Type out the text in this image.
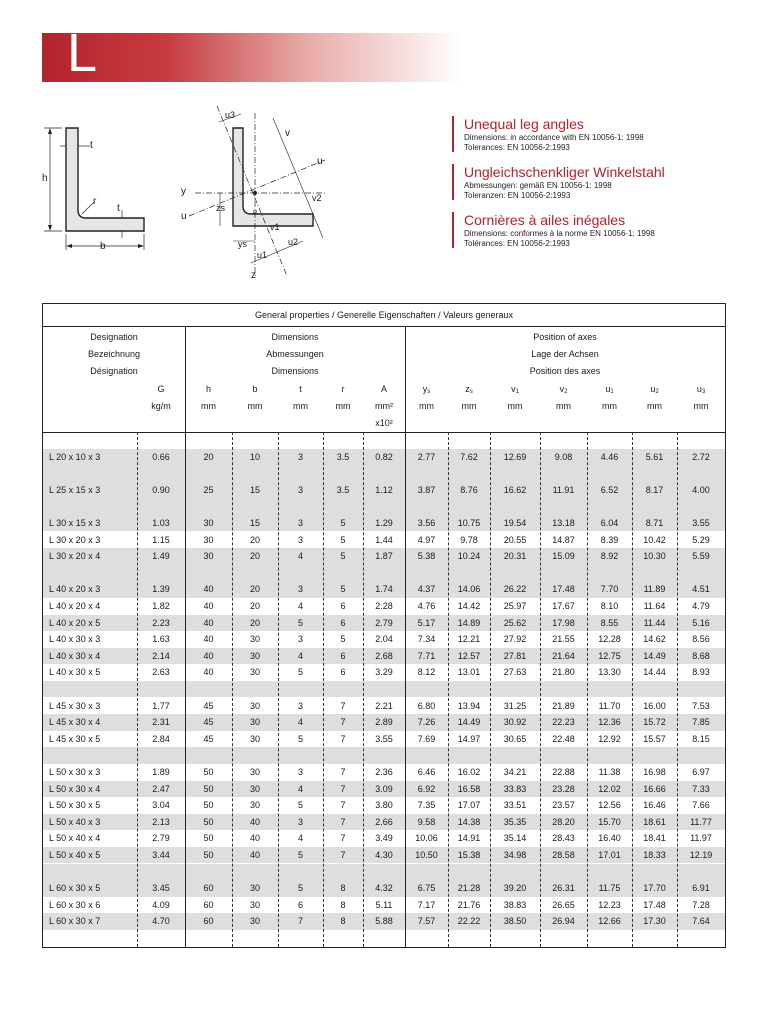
L
t
h
r
t
b
u3
v
u
y
v2
zs
u	α
v1
ys	u2
u1
z
Unequal leg angles
Dimensions: in accordance with EN 10056-1: 1998
Tolerances: EN 10056-2:1993
Ungleichschenkliger Winkelstahl
Abmessungen: gemäß EN 10056-1: 1998
Toleranzen: EN 10056-2:1993
Cornières à ailes inégales
Dimensions: conformes à la norme EN 10056-1: 1998
Tolérances: EN 10056-2:1993
General properties / Generelle Eigenschaften / Valeurs generaux
Designation
Bezeichnung
Désignation
Dimensions
Abmessungen
Dimensions
Position of axes
Lage der Achsen
Position des axes
G
kg/m
h
mm
b
mm
t
mm
r
mm
A
mm²
x10²
$y_s$
mm
$z_s$
mm
$v_1$
mm
$v_2$
mm
$u_1$
mm
$u_2$
mm
$u_3$
mm
L 20 x 10 x 3	0.66	20	10	3	3.5	0.82	2.77	7.62	12.69	9.08	4.46	5.61	2.72
L 25 x 15 x 3	0.90	25	15	3	3.5	1.12	3.87	8.76	16.62	11.91	6.52	8.17	4.00
L 30 x 15 x 3	1.03	30	15	3	5	1.29	3.56	10.75	19.54	13.18	6.04	8.71	3.55
L 30 x 20 x 3	1.15	30	20	3	5	1.44	4.97	9.78	20.55	14.87	8.39	10.42	5.29
L 30 x 20 x 4	1.49	30	20	4	5	1.87	5.38	10.24	20.31	15.09	8.92	10.30	5.59
L 40 x 20 x 3	1.39	40	20	3	5	1.74	4.37	14.06	26.22	17.48	7.70	11.89	4.51
L 40 x 20 x 4	1.82	40	20	4	6	2.28	4.76	14.42	25.97	17.67	8.10	11.64	4.79
L 40 x 20 x 5	2.23	40	20	5	6	2.79	5.17	14.89	25.62	17.98	8.55	11.44	5.16
L 40 x 30 x 3	1.63	40	30	3	5	2.04	7.34	12.21	27.92	21.55	12.28	14.62	8.56
L 40 x 30 x 4	2.14	40	30	4	6	2.68	7.71	12.57	27.81	21.64	12.75	14.49	8.68
L 40 x 30 x 5	2.63	40	30	5	6	3.29	8.12	13.01	27.63	21.80	13.30	14.44	8.93
L 45 x 30 x 3	1.77	45	30	3	7	2.21	6.80	13.94	31.25	21.89	11.70	16.00	7.53
L 45 x 30 x 4	2.31	45	30	4	7	2.89	7.26	14.49	30.92	22.23	12.36	15.72	7.85
L 45 x 30 x 5	2.84	45	30	5	7	3.55	7.69	14.97	30.65	22.48	12.92	15.57	8.15
L 50 x 30 x 3	1.89	50	30	3	7	2.36	6.46	16.02	34.21	22.88	11.38	16.98	6.97
L 50 x 30 x 4	2.47	50	30	4	7	3.09	6.92	16.58	33.83	23.28	12.02	16.66	7.33
L 50 x 30 x 5	3.04	50	30	5	7	3.80	7.35	17.07	33.51	23.57	12.56	16.46	7.66
L 50 x 40 x 3	2.13	50	40	3	7	2.66	9.58	14.38	35.35	28.20	15.70	18.61	11.77
L 50 x 40 x 4	2.79	50	40	4	7	3.49	10.06	14.91	35.14	28.43	16.40	18.41	11.97
L 50 x 40 x 5	3.44	50	40	5	7	4.30	10.50	15.38	34.98	28.58	17.01	18.33	12.19
L 60 x 30 x 5	3.45	60	30	5	8	4.32	6.75	21.28	39.20	26.31	11.75	17.70	6.91
L 60 x 30 x 6	4.09	60	30	6	8	5.11	7.17	21.76	38.83	26.65	12.23	17.48	7.28
L 60 x 30 x 7	4.70	60	30	7	8	5.88	7.57	22.22	38.50	26.94	12.66	17.30	7.64
